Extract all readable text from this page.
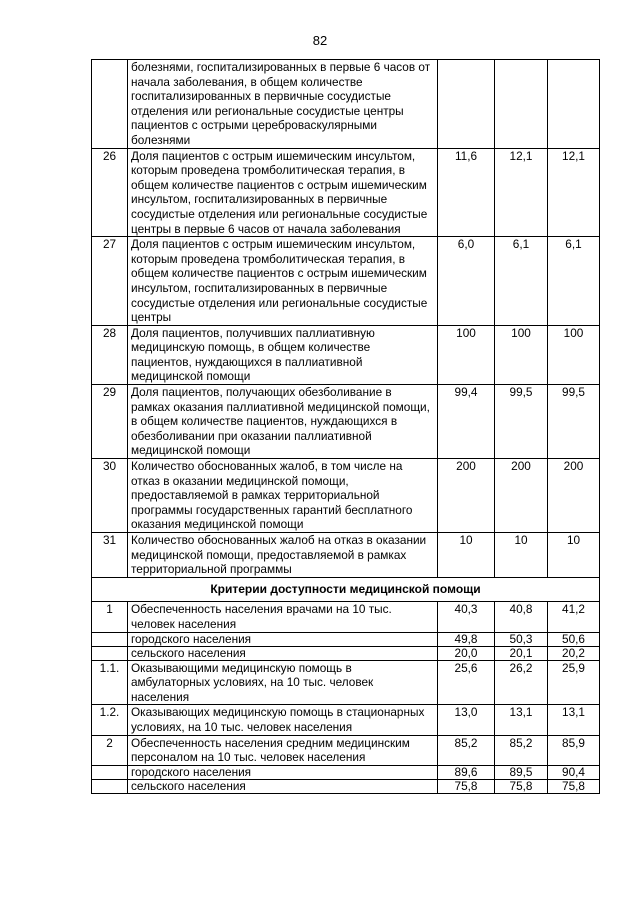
82
	болезнями, госпитализированных в первые 6 часов от начала заболевания, в общем количестве госпитализированных в первичные сосудистые отделения или региональные сосудистые центры пациентов с острыми цереброваскулярными болезнями			
26	Доля пациентов с острым ишемическим инсультом, которым проведена тромболитическая терапия, в общем количестве пациентов с острым ишемическим инсультом, госпитализированных в первичные сосудистые отделения или региональные сосудистые центры в первые 6 часов от начала заболевания	11,6	12,1	12,1
27	Доля пациентов с острым ишемическим инсультом, которым проведена тромболитическая терапия, в общем количестве пациентов с острым ишемическим инсультом, госпитализированных в первичные сосудистые отделения или региональные сосудистые центры	6,0	6,1	6,1
28	Доля пациентов, получивших паллиативную медицинскую помощь, в общем количестве пациентов, нуждающихся в паллиативной медицинской помощи	100	100	100
29	Доля пациентов, получающих обезболивание в рамках оказания паллиативной медицинской помощи, в общем количестве пациентов, нуждающихся в обезболивании при оказании паллиативной медицинской помощи	99,4	99,5	99,5
30	Количество обоснованных жалоб, в том числе на отказ в оказании медицинской помощи, предоставляемой в рамках территориальной программы государственных гарантий бесплатного оказания медицинской помощи	200	200	200
31	Количество обоснованных жалоб на отказ в оказании медицинской помощи, предоставляемой в рамках территориальной программы	10	10	10
Критерии доступности медицинской помощи				
1	Обеспеченность населения врачами на 10 тыс. человек населения	40,3	40,8	41,2
	городского населения	49,8	50,3	50,6
	сельского населения	20,0	20,1	20,2
1.1.	Оказывающими медицинскую помощь в амбулаторных условиях, на 10 тыс. человек населения	25,6	26,2	25,9
1.2.	Оказывающих медицинскую помощь в стационарных условиях, на 10 тыс. человек населения	13,0	13,1	13,1
2	Обеспеченность населения средним медицинским персоналом на 10 тыс. человек населения	85,2	85,2	85,9
	городского населения	89,6	89,5	90,4
	сельского населения	75,8	75,8	75,8
